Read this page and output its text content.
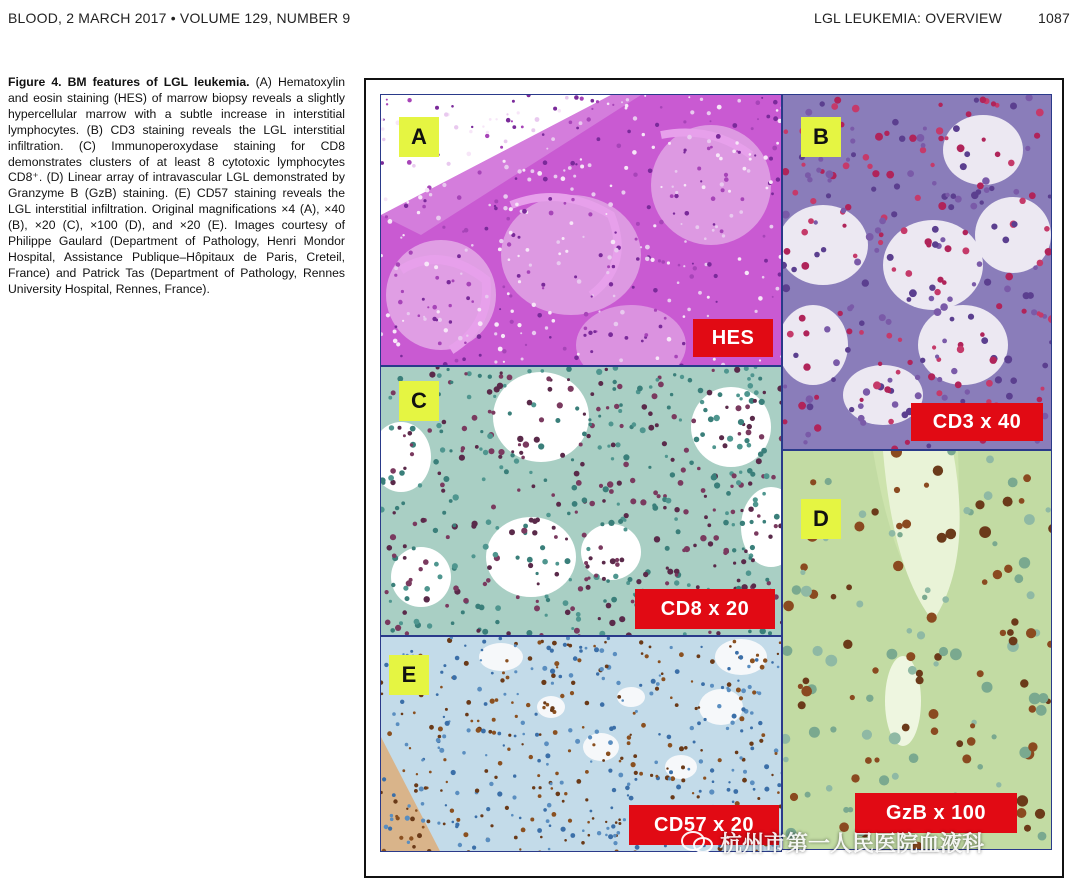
BLOOD, 2 MARCH 2017 • VOLUME 129, NUMBER 9	LGL LEUKEMIA: OVERVIEW	1087
Figure 4. BM features of LGL leukemia. (A) Hematoxylin and eosin staining (HES) of marrow biopsy reveals a slightly hypercellular marrow with a subtle increase in interstitial lymphocytes. (B) CD3 staining reveals the LGL interstitial infiltration. (C) Immunoperoxydase staining for CD8 demonstrates clusters of at least 8 cytotoxic lymphocytes CD8⁺. (D) Linear array of intravascular LGL demonstrated by Granzyme B (GzB) staining. (E) CD57 staining reveals the LGL interstitial infiltration. Original magnifications ×4 (A), ×40 (B), ×20 (C), ×100 (D), and ×20 (E). Images courtesy of Philippe Gaulard (Department of Pathology, Henri Mondor Hospital, Assistance Publique–Hôpitaux de Paris, Creteil, France) and Patrick Tas (Department of Pathology, Rennes University Hospital, Rennes, France).
A
HES
B
CD3 x 40
C
CD8 x 20
D
GzB x 100
E
CD57 x 20
杭州市第一人民医院血液科
